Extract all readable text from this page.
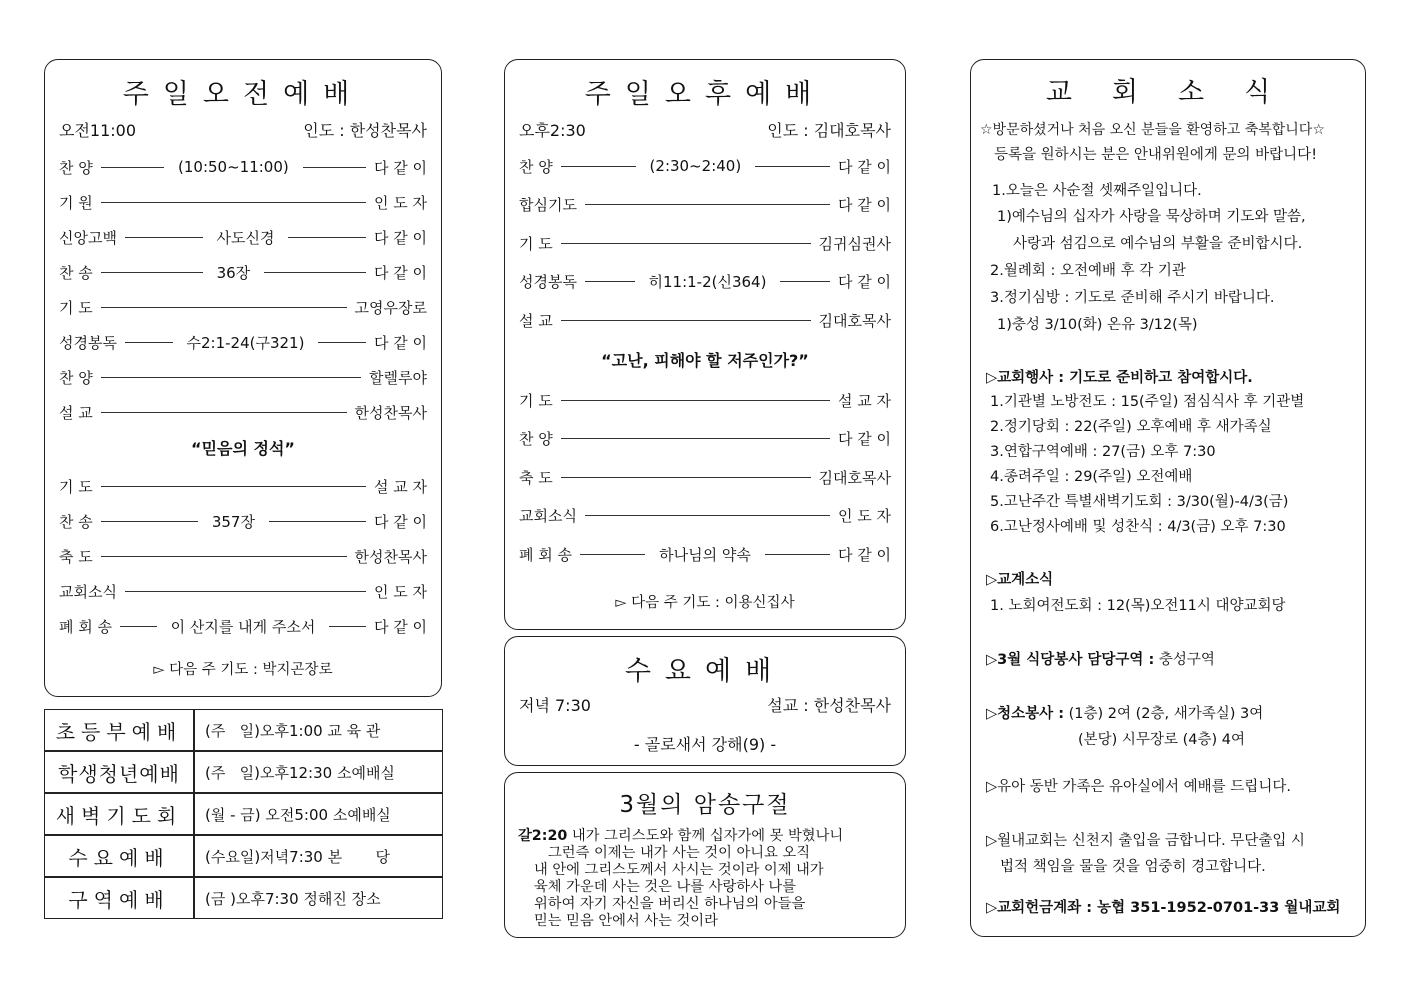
주일오전예배
오전11:00	인도 : 한성찬목사
찬 양	(10:50~11:00)	다 같 이
기 원	인 도 자
신앙고백	사도신경	다 같 이
찬 송	36장	다 같 이
기 도	고영우장로
성경봉독	수2:1-24(구321)	다 같 이
찬 양	할렐루야
설 교	한성찬목사
“믿음의 정석”
기 도	설 교 자
찬 송	357장	다 같 이
축 도	한성찬목사
교회소식	인 도 자
폐 회 송	이 산지를 내게 주소서	다 같 이
▻ 다음 주 기도 : 박지곤장로
초등부예배	(주   일)오후1:00 교 육 관
학생청년예배	(주   일)오후12:30 소예배실
새벽기도회	(월 - 금) 오전5:00 소예배실
수요예배	(수요일)저녁7:30 본       당
구역예배	(금 )오후7:30 정해진 장소
주일오후예배
오후2:30	인도 : 김대호목사
찬 양	(2:30~2:40)	다 같 이
합심기도	다 같 이
기 도	김귀심권사
성경봉독	히11:1-2(신364)	다 같 이
설 교	김대호목사
“고난, 피해야 할 저주인가?”
기 도	설 교 자
찬 양	다 같 이
축 도	김대호목사
교회소식	인 도 자
폐 회 송	하나님의 약속	다 같 이
▻ 다음 주 기도 : 이용신집사
수요예배
저녁 7:30	설교 : 한성찬목사
- 골로새서 강해(9) -
3월의 암송구절
갈2:20 내가 그리스도와 함께 십자가에 못 박혔나니
그런즉 이제는 내가 사는 것이 아니요 오직
내 안에 그리스도께서 사시는 것이라 이제 내가
육체 가운데 사는 것은 나를 사랑하사 나를
위하여 자기 자신을 버리신 하나님의 아들을
믿는 믿음 안에서 사는 것이라
교회소식
☆방문하셨거나 처음 오신 분들을 환영하고 축복합니다☆
등록을 원하시는 분은 안내위원에게 문의 바랍니다!
1.오늘은 사순절 셋째주일입니다.
1)예수님의 십자가 사랑을 묵상하며 기도와 말씀,
사랑과 섬김으로 예수님의 부활을 준비합시다.
2.월례회 : 오전예배 후 각 기관
3.정기심방 : 기도로 준비해 주시기 바랍니다.
1)충성 3/10(화) 온유 3/12(목)
▷교회행사 : 기도로 준비하고 참여합시다.
1.기관별 노방전도 : 15(주일) 점심식사 후 기관별
2.정기당회 : 22(주일) 오후예배 후 새가족실
3.연합구역예배 : 27(금) 오후 7:30
4.종려주일 : 29(주일) 오전예배
5.고난주간 특별새벽기도회 : 3/30(월)-4/3(금)
6.고난정사예배 및 성찬식 : 4/3(금) 오후 7:30
▷교계소식
1. 노회여전도회 : 12(목)오전11시 대양교회당
▷3월 식당봉사 담당구역 : 충성구역
▷청소봉사 : (1층) 2여 (2층, 새가족실) 3여
(본당) 시무장로 (4층) 4여
▷유아 동반 가족은 유아실에서 예배를 드립니다.
▷월내교회는 신천지 출입을 금합니다. 무단출입 시
법적 책임을 물을 것을 엄중히 경고합니다.
▷교회헌금계좌 : 농협 351-1952-0701-33 월내교회
